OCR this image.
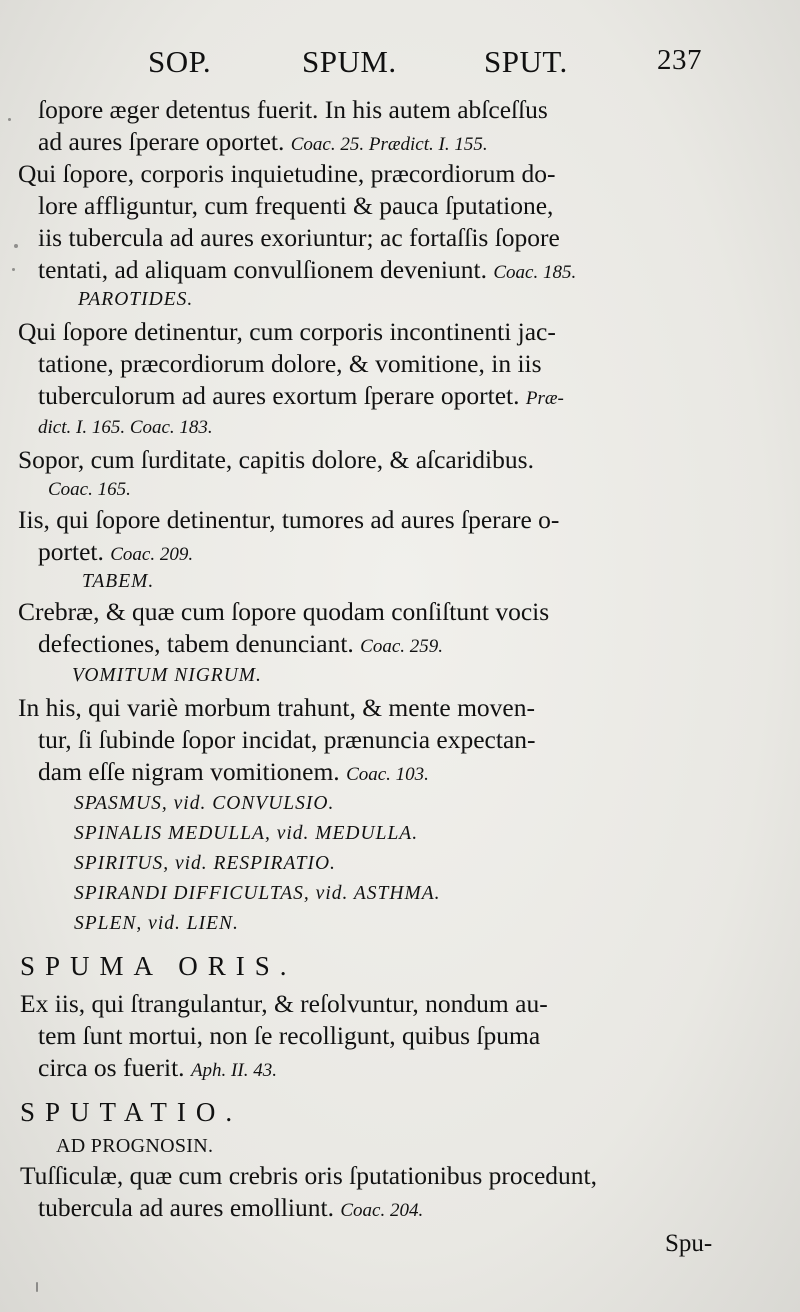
SOP.	SPUM.	SPUT.	237
ſopore æger detentus fuerit. In his autem abſceſſus
ad aures ſperare oportet. Coac. 25. Prædict. I. 155.
Qui ſopore, corporis inquietudine, præcordiorum do-
lore affliguntur, cum frequenti & pauca ſputatione,
iis tubercula ad aures exoriuntur; ac fortaſſis ſopore
tentati, ad aliquam convulſionem deveniunt. Coac. 185.
PAROTIDES.
Qui ſopore detinentur, cum corporis incontinenti jac-
tatione, præcordiorum dolore, & vomitione, in iis
tuberculorum ad aures exortum ſperare oportet. Præ-
dict. I. 165. Coac. 183.
Sopor, cum ſurditate, capitis dolore, & aſcaridibus.
Coac. 165.
Iis, qui ſopore detinentur, tumores ad aures ſperare o-
portet. Coac. 209.
TABEM.
Crebræ, & quæ cum ſopore quodam conſiſtunt vocis
defectiones, tabem denunciant. Coac. 259.
VOMITUM NIGRUM.
In his, qui variè morbum trahunt, & mente moven-
tur, ſi ſubinde ſopor incidat, prænuncia expectan-
dam eſſe nigram vomitionem. Coac. 103.
SPASMUS, vid. CONVULSIO.
SPINALIS MEDULLA, vid. MEDULLA.
SPIRITUS, vid. RESPIRATIO.
SPIRANDI DIFFICULTAS, vid. ASTHMA.
SPLEN, vid. LIEN.
SPUMA ORIS.
Ex iis, qui ſtrangulantur, & reſolvuntur, nondum au-
tem ſunt mortui, non ſe recolligunt, quibus ſpuma
circa os fuerit. Aph. II. 43.
SPUTATIO.
AD PROGNOSIN.
Tuſſiculæ, quæ cum crebris oris ſputationibus procedunt,
tubercula ad aures emolliunt. Coac. 204.
Spu-
